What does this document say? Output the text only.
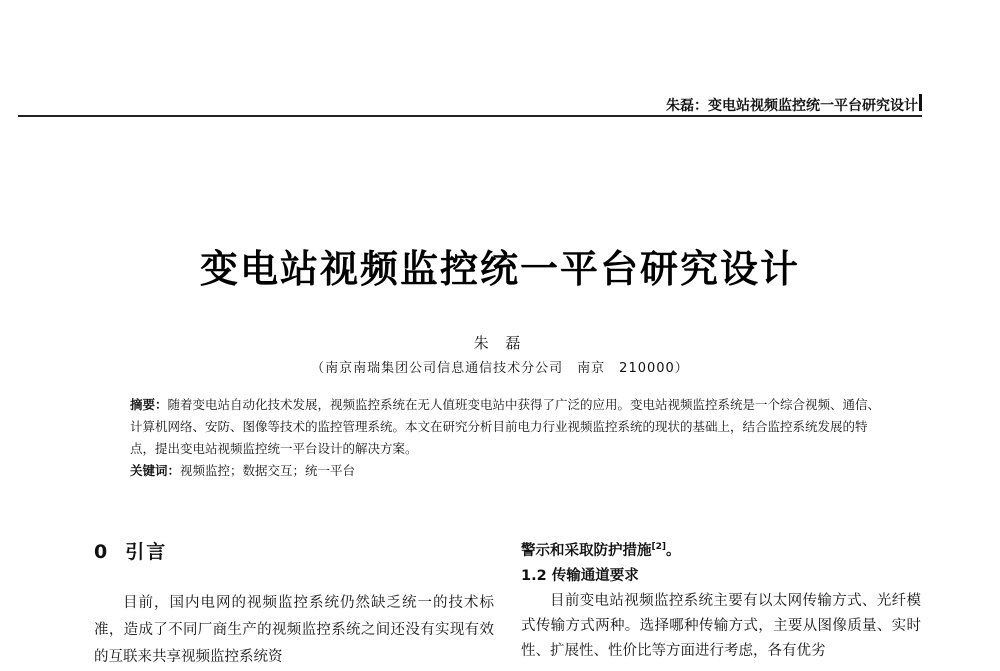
朱磊：变电站视频监控统一平台研究设计
变电站视频监控统一平台研究设计
朱 磊
（南京南瑞集团公司信息通信技术分公司　南京　210000）
摘要：随着变电站自动化技术发展，视频监控系统在无人值班变电站中获得了广泛的应用。变电站视频监控系统是一个综合视频、通信、计算机网络、安防、图像等技术的监控管理系统。本文在研究分析目前电力行业视频监控系统的现状的基础上，结合监控系统发展的特点，提出变电站视频监控统一平台设计的解决方案。
关键词：视频监控；数据交互；统一平台
0 引言
目前，国内电网的视频监控系统仍然缺乏统一的技术标准，造成了不同厂商生产的视频监控系统之间还没有实现有效的互联来共享视频监控系统资
警示和采取防护措施[2]。
1.2 传输通道要求

目前变电站视频监控系统主要有以太网传输方式、光纤模式传输方式两种。选择哪种传输方式，主要从图像质量、实时性、扩展性、性价比等方面进行考虑，各有优劣
